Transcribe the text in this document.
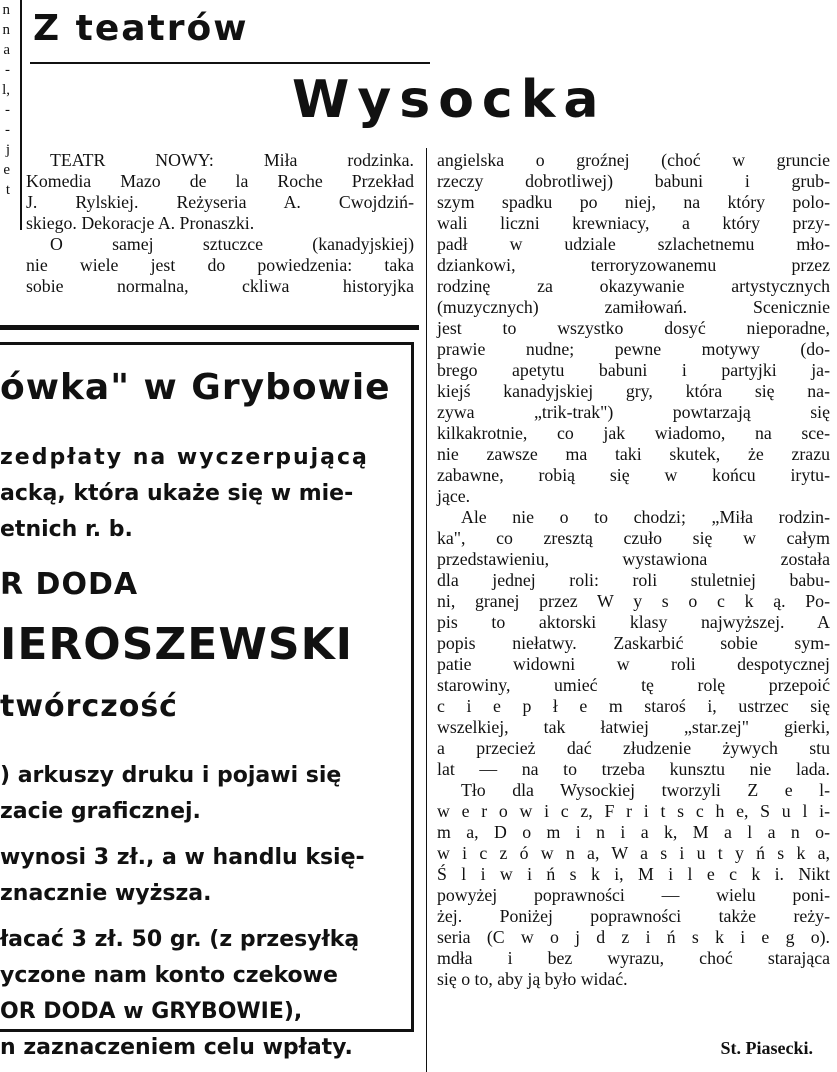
n
n
a
-
l,
-
-
j
e
t
Z teatrów
Wysocka
TEATR NOWY: Miła rodzinka.
Komedia Mazo de la Roche Przekład
J. Rylskiej. Reżyseria A. Cwojdziń-
skiego. Dekoracje A. Pronaszki.
O samej sztuczce (kanadyjskiej)
nie wiele jest do powiedzenia: taka
sobie normalna, ckliwa historyjka
angielska o groźnej (choć w gruncie
rzeczy dobrotliwej) babuni i grub-
szym spadku po niej, na który polo-
wali liczni krewniacy, a który przy-
padł w udziale szlachetnemu mło-
dziankowi, terroryzowanemu przez
rodzinę za okazywanie artystycznych
(muzycznych) zamiłowań. Scenicznie
jest to wszystko dosyć nieporadne,
prawie nudne; pewne motywy (do-
brego apetytu babuni i partyjki ja-
kiejś kanadyjskiej gry, która się na-
zywa „trik-trak") powtarzają się
kilkakrotnie, co jak wiadomo, na sce-
nie zawsze ma taki skutek, że zrazu
zabawne, robią się w końcu irytu-
jące.
Ale nie o to chodzi; „Miła rodzin-
ka", co zresztą czuło się w całym
przedstawieniu, wystawiona została
dla jednej roli: roli stuletniej babu-
ni, granej przez W y s o c k ą. Po-
pis to aktorski klasy najwyższej. A
popis niełatwy. Zaskarbić sobie sym-
patie widowni w roli despotycznej
starowiny, umieć tę rolę przepoić
c i e p ł e m staroś i, ustrzec się
wszelkiej, tak łatwiej „star.zej" gierki,
a przecież dać złudzenie żywych stu
lat — na to trzeba kunsztu nie lada.
Tło dla Wysockiej tworzyli Z e l-
w e r o w i c z, F r i t s c h e, S u l i-
m a, D o m i n i a k, M a l a n o-
w i c z ó w n a, W a s i u t y ń s k a,
Ś l i w i ń s k i, M i l e c k i. Nikt
powyżej poprawności — wielu poni-
żej. Poniżej poprawności także reży-
seria (C w o j d z i ń s k i e g o).
mdła i bez wyrazu, choć starająca
się o to, aby ją było widać.
ówka" w Grybowie
zedpłaty na wyczerpującą
acką, która ukaże się w mie-
etnich r. b.
R DODA
IEROSZEWSKI
twórczość
) arkuszy druku i pojawi się
zacie graficznej.
wynosi 3 zł., a w handlu księ-
znacznie wyższa.
łacać 3 zł. 50 gr. (z przesyłką
yczone nam konto czekowe
OR DODA w GRYBOWIE),
n zaznaczeniem celu wpłaty.	St. Piasecki.
